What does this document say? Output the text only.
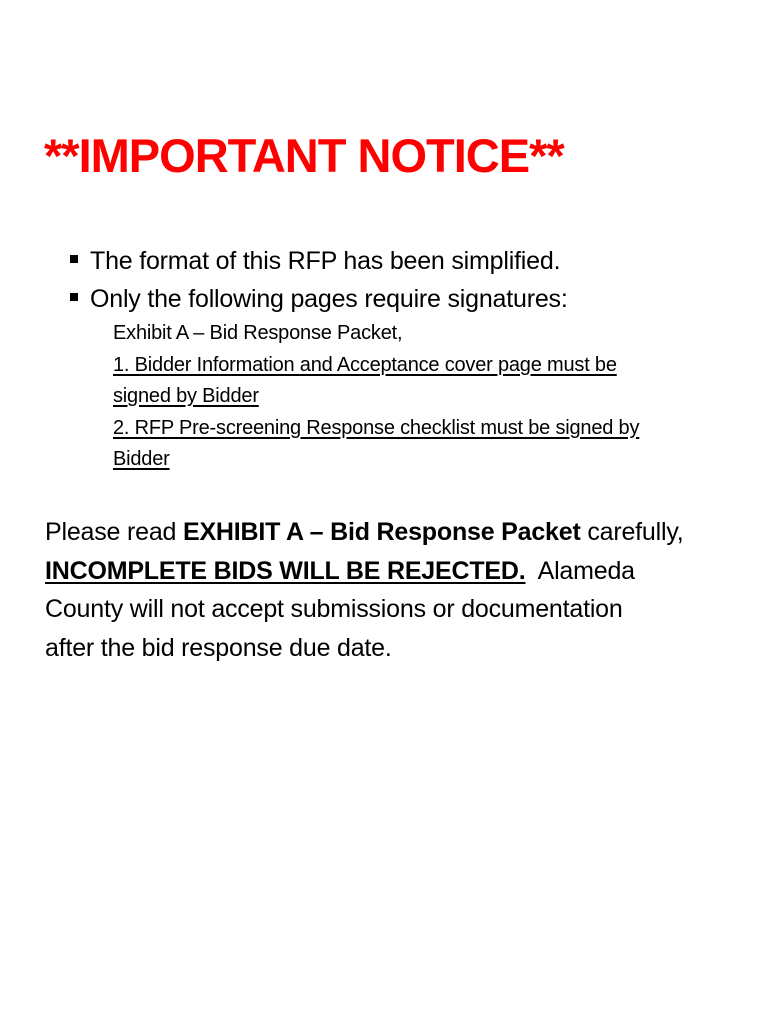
**IMPORTANT NOTICE**
The format of this RFP has been simplified.
Only the following pages require signatures:
Exhibit A – Bid Response Packet,
1. Bidder Information and Acceptance cover page must be
signed by Bidder
2. RFP Pre-screening Response checklist must be signed by
Bidder
Please read EXHIBIT A – Bid Response Packet carefully,
INCOMPLETE BIDS WILL BE REJECTED.  Alameda
County will not accept submissions or documentation
after the bid response due date.
